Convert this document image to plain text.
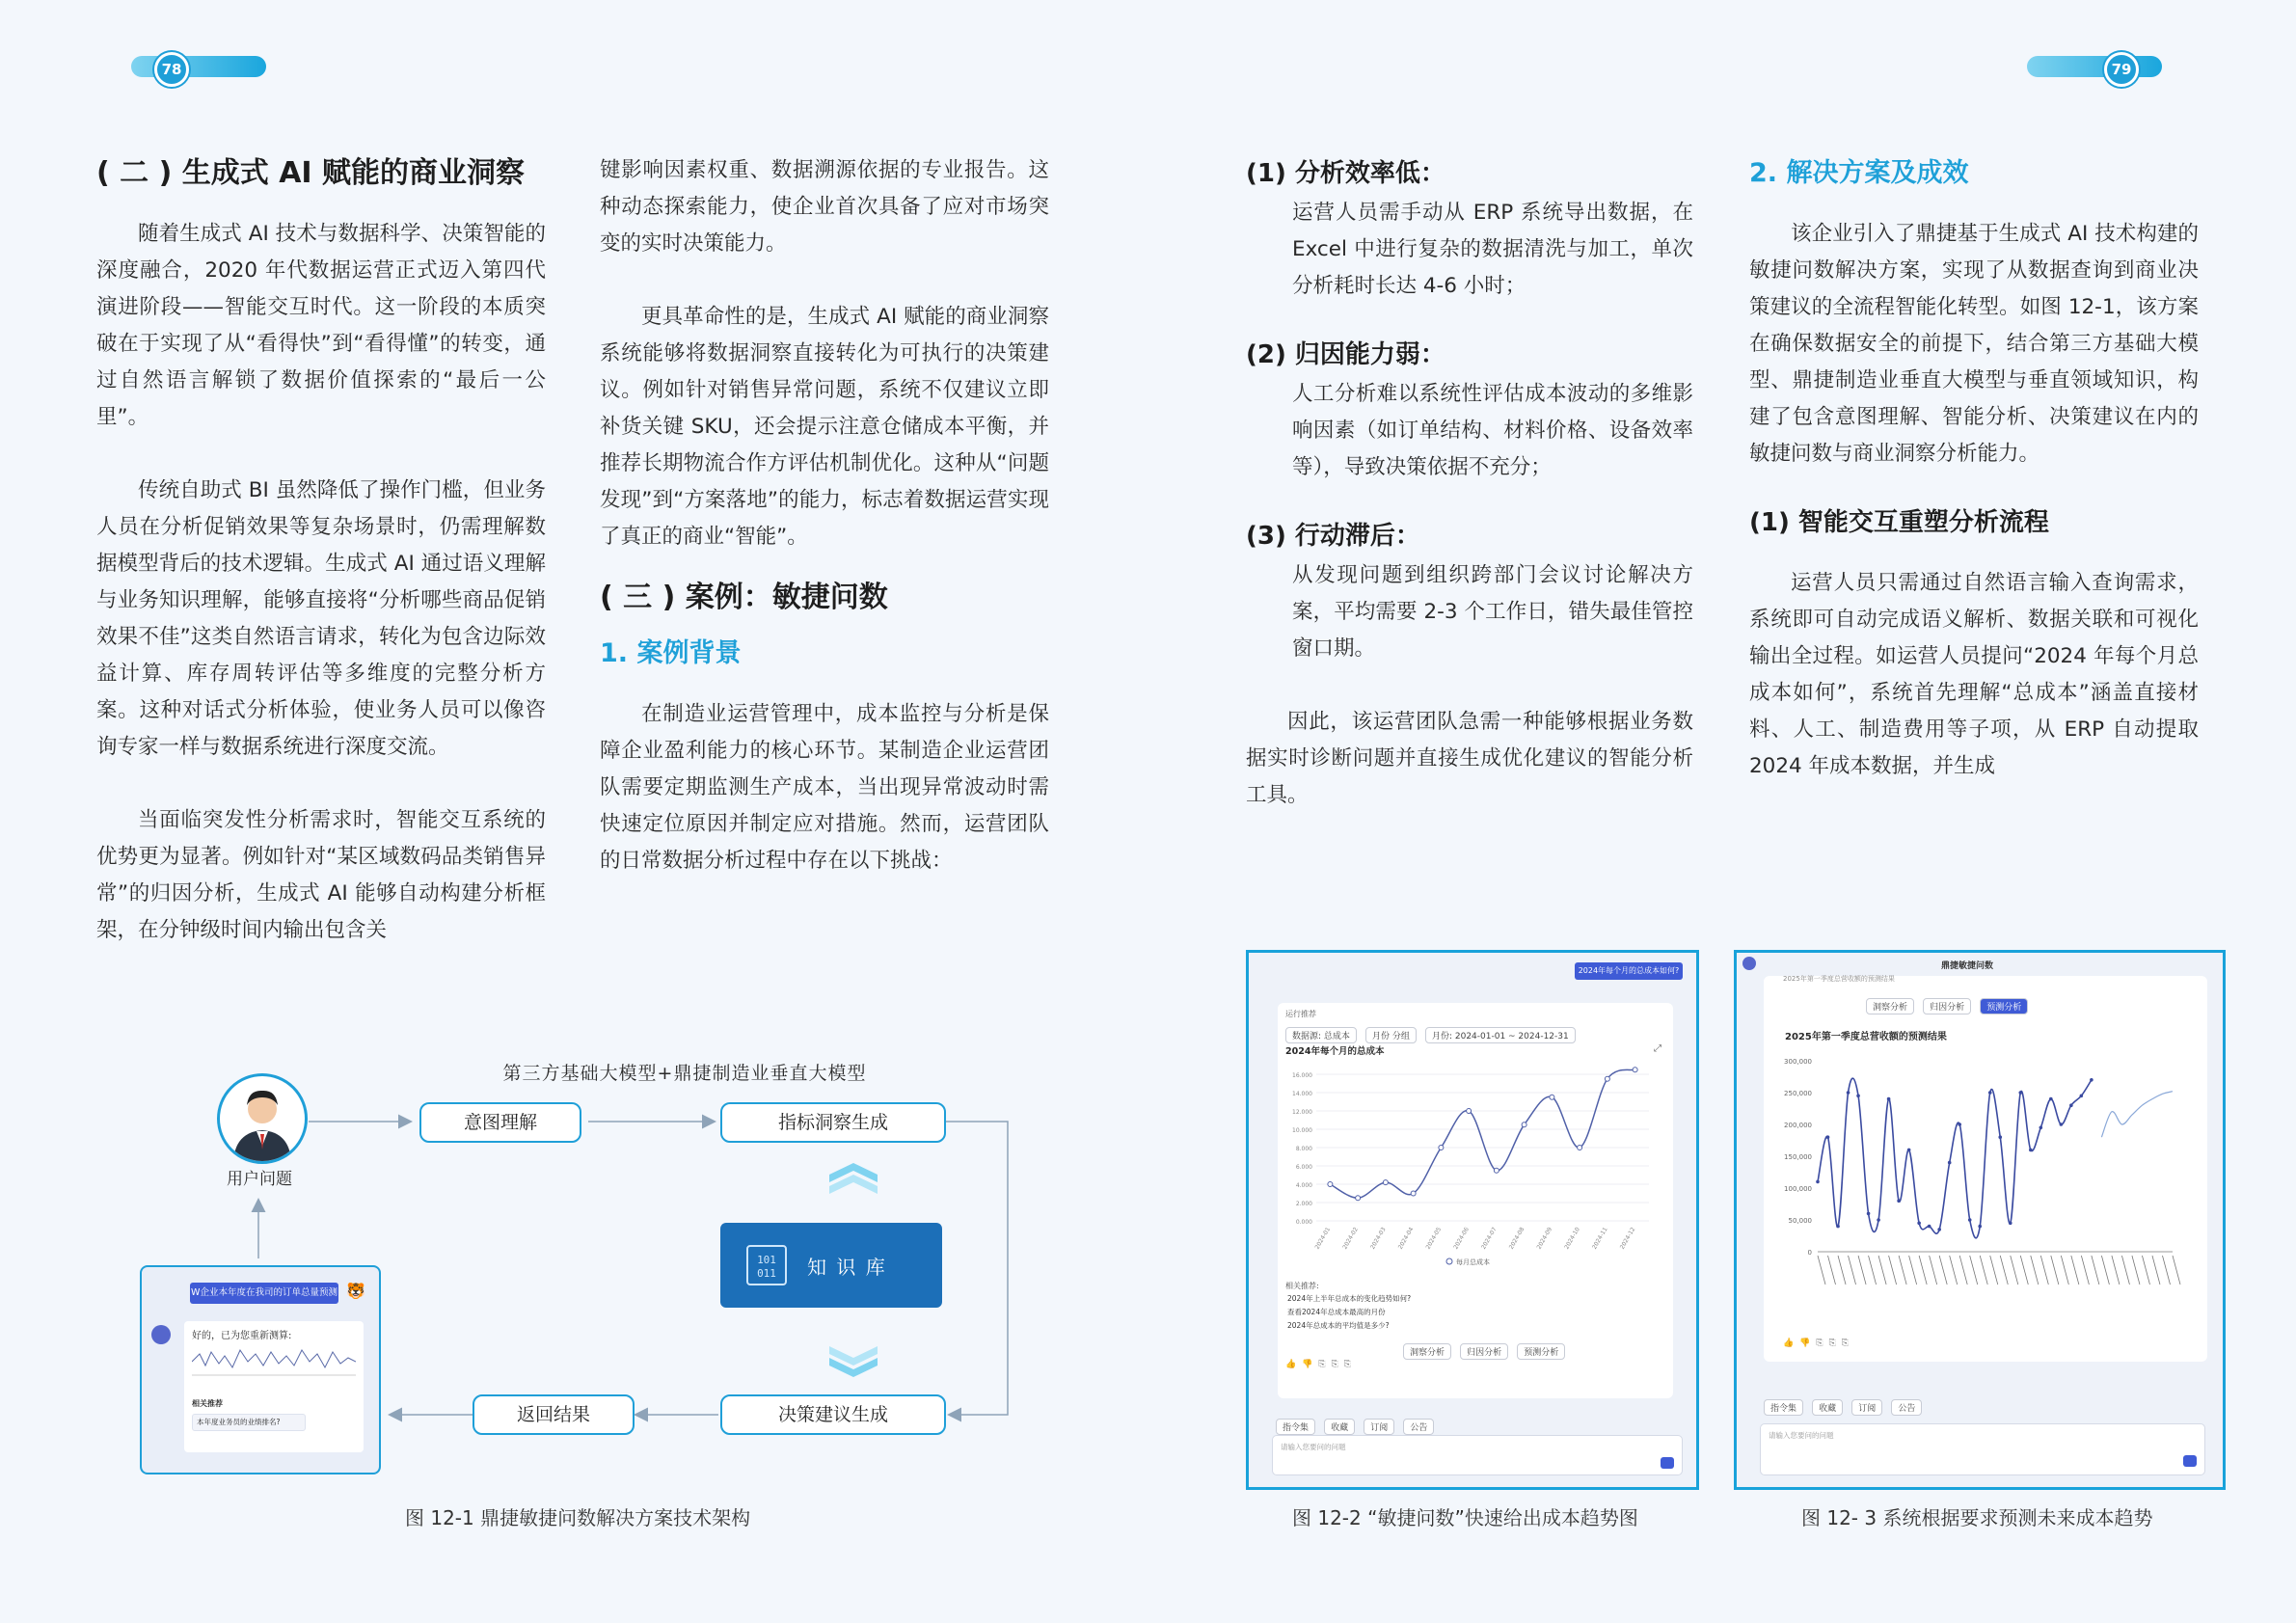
78
( 二 ) 生成式 AI 赋能的商业洞察

随着生成式 AI 技术与数据科学、决策智能的深度融合，2020 年代数据运营正式迈入第四代演进阶段——智能交互时代。这一阶段的本质突破在于实现了从“看得快”到“看得懂”的转变，通过自然语言解锁了数据价值探索的“最后一公里”。

传统自助式 BI 虽然降低了操作门槛，但业务人员在分析促销效果等复杂场景时，仍需理解数据模型背后的技术逻辑。生成式 AI 通过语义理解与业务知识理解，能够直接将“分析哪些商品促销效果不佳”这类自然语言请求，转化为包含边际效益计算、库存周转评估等多维度的完整分析方案。这种对话式分析体验，使业务人员可以像咨询专家一样与数据系统进行深度交流。

当面临突发性分析需求时，智能交互系统的优势更为显著。例如针对“某区域数码品类销售异常”的归因分析，生成式 AI 能够自动构建分析框架，在分钟级时间内输出包含关

键影响因素权重、数据溯源依据的专业报告。这种动态探索能力，使企业首次具备了应对市场突变的实时决策能力。

更具革命性的是，生成式 AI 赋能的商业洞察系统能够将数据洞察直接转化为可执行的决策建议。例如针对销售异常问题，系统不仅建议立即补货关键 SKU，还会提示注意仓储成本平衡，并推荐长期物流合作方评估机制优化。这种从“问题发现”到“方案落地”的能力，标志着数据运营实现了真正的商业“智能”。

( 三 ) 案例：敏捷问数
1. 案例背景

在制造业运营管理中，成本监控与分析是保障企业盈利能力的核心环节。某制造企业运营团队需要定期监测生产成本，当出现异常波动时需快速定位原因并制定应对措施。然而，运营团队的日常数据分析过程中存在以下挑战：

第三方基础大模型+鼎捷制造业垂直大模型
用户问题
意图理解	指标洞察生成
101
011 知 识 库
决策建议生成
返回结果
W企业本年度在我司的订单总量预测 🐯
好的，已为您重新测算:
相关推荐
本年度业务员的业绩排名?
图 12-1 鼎捷敏捷问数解决方案技术架构
79
(1) 分析效率低：

运营人员需手动从 ERP 系统导出数据，在 Excel 中进行复杂的数据清洗与加工，单次分析耗时长达 4-6 小时；

(2) 归因能力弱：

人工分析难以系统性评估成本波动的多维影响因素（如订单结构、材料价格、设备效率等），导致决策依据不充分；

(3) 行动滞后：

从发现问题到组织跨部门会议讨论解决方案，平均需要 2-3 个工作日，错失最佳管控窗口期。

因此，该运营团队急需一种能够根据业务数据实时诊断问题并直接生成优化建议的智能分析工具。

2. 解决方案及成效

该企业引入了鼎捷基于生成式 AI 技术构建的敏捷问数解决方案，实现了从数据查询到商业决策建议的全流程智能化转型。如图 12-1，该方案在确保数据安全的前提下，结合第三方基础大模型、鼎捷制造业垂直大模型与垂直领域知识，构建了包含意图理解、智能分析、决策建议在内的敏捷问数与商业洞察分析能力。

(1) 智能交互重塑分析流程

运营人员只需通过自然语言输入查询需求，系统即可自动完成语义解析、数据关联和可视化输出全过程。如运营人员提问“2024 年每个月总成本如何”，系统首先理解“总成本”涵盖直接材料、人工、制造费用等子项，从 ERP 自动提取 2024 年成本数据，并生成

2024年每个月的总成本如何?
运行推荐
数据源: 总成本	月份 分组	月份: 2024-01-01 ~ 2024-12-31
2024年每个月的总成本	⤢
0.000
2.000
4.000
6.000
8.000
10.000
12.000
14.000
16.000
2024-01 2024-02 2024-03 2024-04 2024-05 2024-06 2024-07 2024-08 2024-09 2024-10 2024-11 2024-12
每月总成本
相关推荐:
2024年上半年总成本的变化趋势如何?
查看2024年总成本最高的月份
2024年总成本的平均值是多少?
洞察分析	归因分析	预测分析
👍👎⎘⎘⎘
指令集	收藏	订阅	公告
请输入您要问的问题
图 12-2 “敏捷问数”快速给出成本趋势图
鼎捷敏捷问数
2025年第一季度总营收额的预测结果
洞察分析	归因分析	预测分析
2025年第一季度总营收额的预测结果
0
50,000
100,000
150,000
200,000
250,000
300,000
👍👎⎘⎘⎘
指令集	收藏	订阅	公告
请输入您要问的问题
图 12- 3 系统根据要求预测未来成本趋势
